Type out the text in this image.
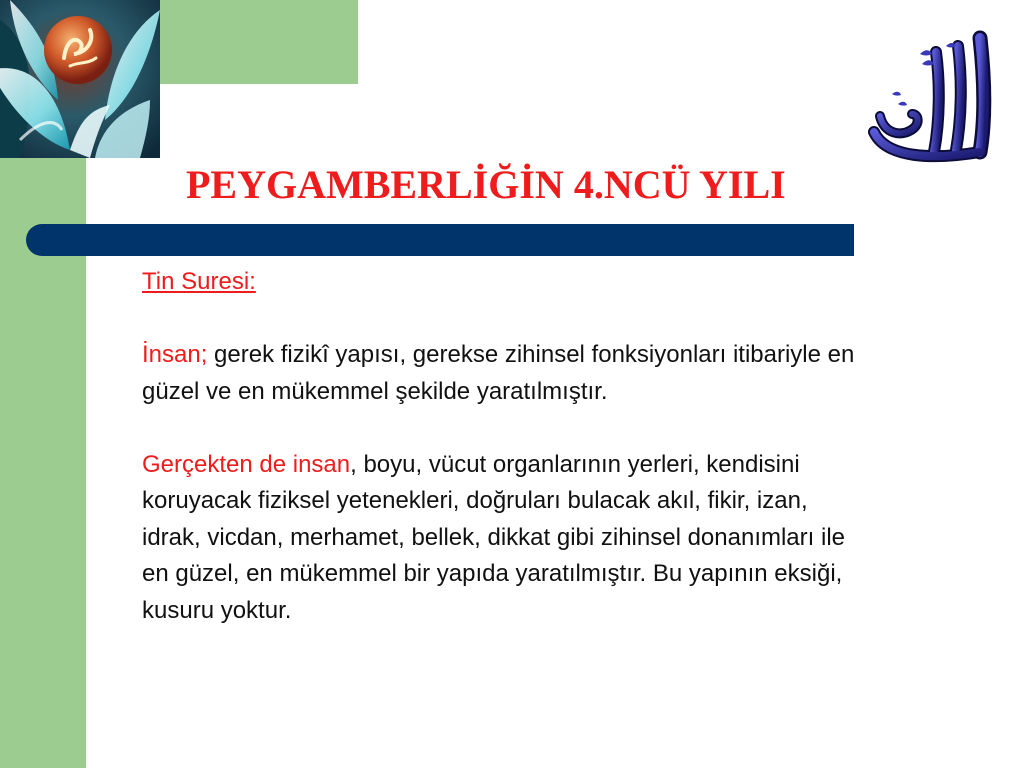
PEYGAMBERLİĞİN 4.NCÜ YILI

Tin Suresi:

İnsan; gerek fizikî yapısı, gerekse zihinsel fonksiyonları itibariyle en güzel ve en mükemmel şekilde yaratılmıştır.

Gerçekten de insan, boyu, vücut organlarının yerleri, kendisini koruyacak fiziksel yetenekleri, doğruları bulacak akıl, fikir, izan, idrak, vicdan, merhamet, bellek, dikkat gibi zihinsel donanımları ile en güzel, en mükemmel bir yapıda yaratılmıştır. Bu yapının eksiği, kusuru yoktur.
